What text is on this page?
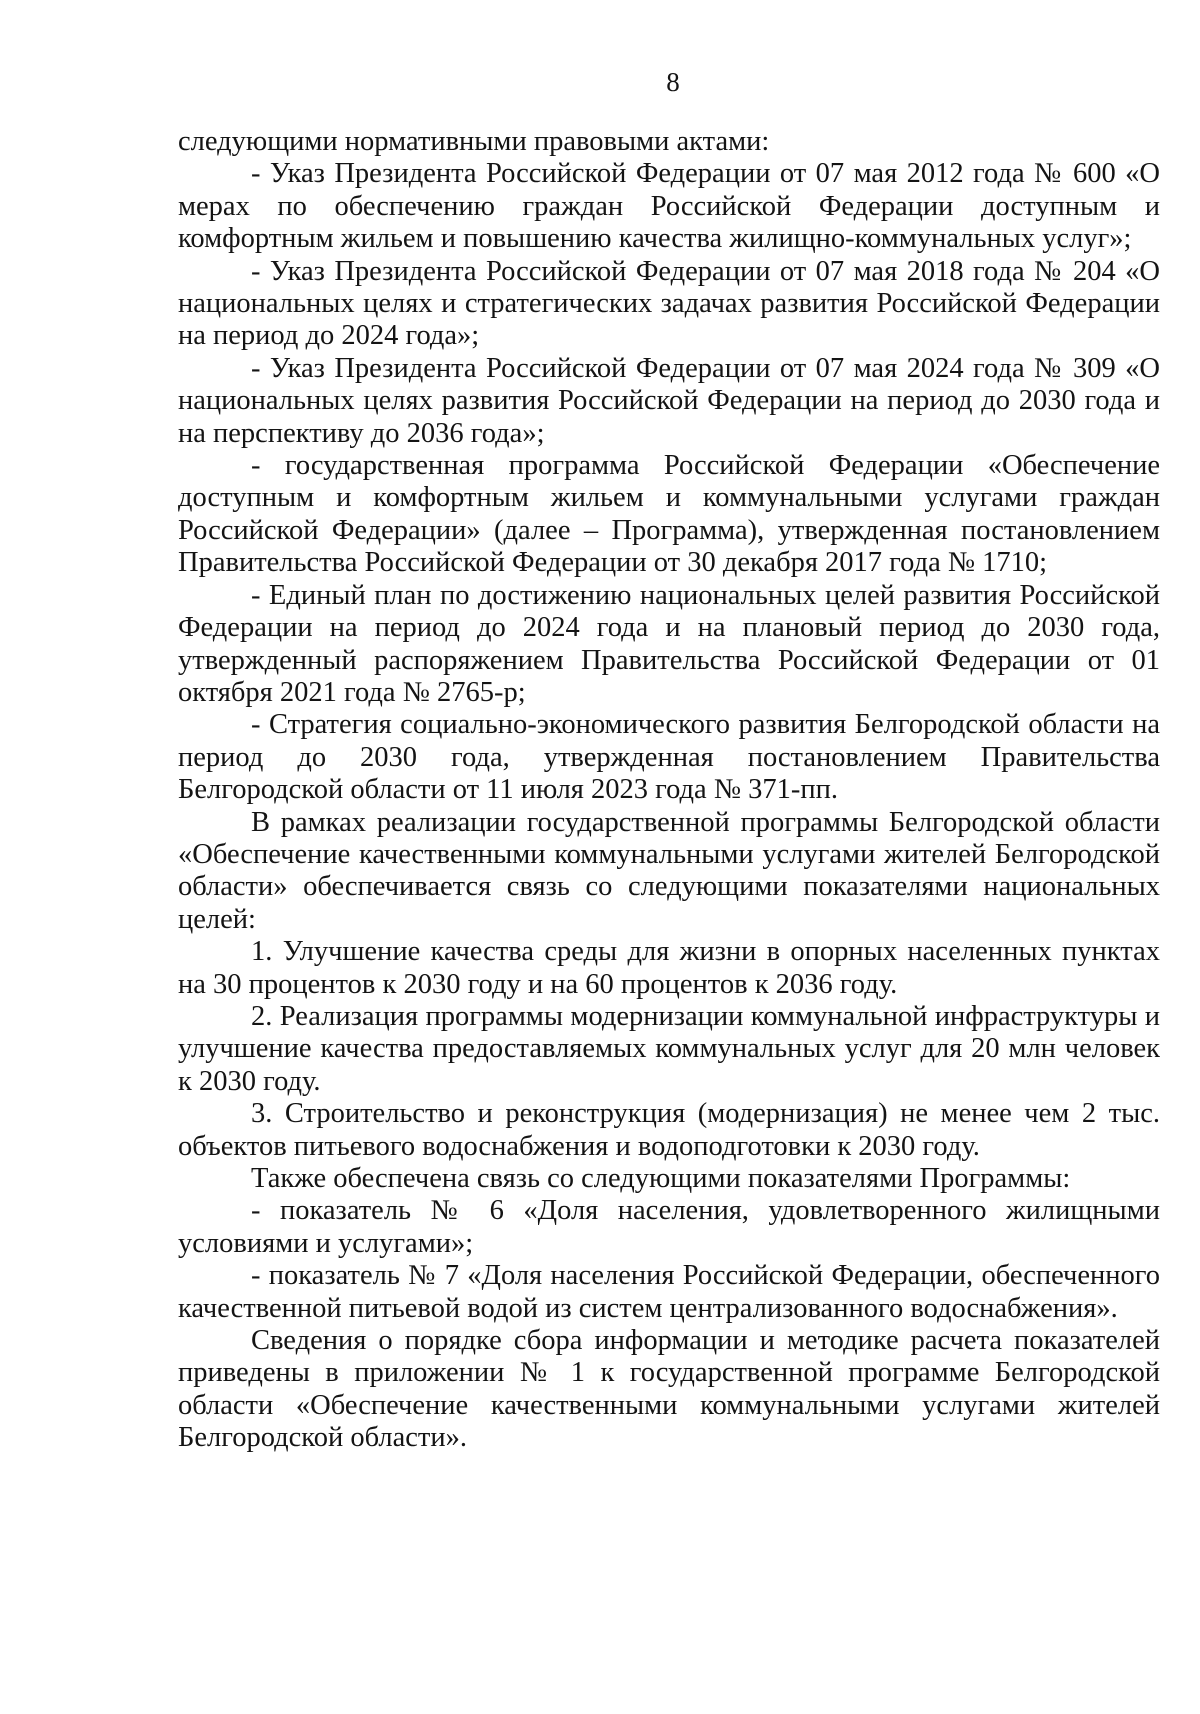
8

следующими нормативными правовыми актами:

- Указ Президента Российской Федерации от 07 мая 2012 года № 600 «О мерах по обеспечению граждан Российской Федерации доступным и комфортным жильем и повышению качества жилищно-коммунальных услуг»;

- Указ Президента Российской Федерации от 07 мая 2018 года № 204 «О национальных целях и стратегических задачах развития Российской Федерации на период до 2024 года»;

- Указ Президента Российской Федерации от 07 мая 2024 года № 309 «О национальных целях развития Российской Федерации на период до 2030 года и на перспективу до 2036 года»;

- государственная программа Российской Федерации «Обеспечение доступным и комфортным жильем и коммунальными услугами граждан Российской Федерации» (далее – Программа), утвержденная постановлением Правительства Российской Федерации от 30 декабря 2017 года № 1710;

- Единый план по достижению национальных целей развития Российской Федерации на период до 2024 года и на плановый период до 2030 года, утвержденный распоряжением Правительства Российской Федерации от 01 октября 2021 года № 2765-р;

- Стратегия социально-экономического развития Белгородской области на период до 2030 года, утвержденная постановлением Правительства Белгородской области от 11 июля 2023 года № 371-пп.

В рамках реализации государственной программы Белгородской области «Обеспечение качественными коммунальными услугами жителей Белгородской области» обеспечивается связь со следующими показателями национальных целей:

1. Улучшение качества среды для жизни в опорных населенных пунктах на 30 процентов к 2030 году и на 60 процентов к 2036 году.

2. Реализация программы модернизации коммунальной инфраструктуры и улучшение качества предоставляемых коммунальных услуг для 20 млн человек к 2030 году.

3. Строительство и реконструкция (модернизация) не менее чем 2 тыс. объектов питьевого водоснабжения и водоподготовки к 2030 году.

Также обеспечена связь со следующими показателями Программы:

- показатель № 6 «Доля населения, удовлетворенного жилищными условиями и услугами»;

- показатель № 7 «Доля населения Российской Федерации, обеспеченного качественной питьевой водой из систем централизованного водоснабжения».

Сведения о порядке сбора информации и методике расчета показателей приведены в приложении № 1 к государственной программе Белгородской области «Обеспечение качественными коммунальными услугами жителей Белгородской области».
